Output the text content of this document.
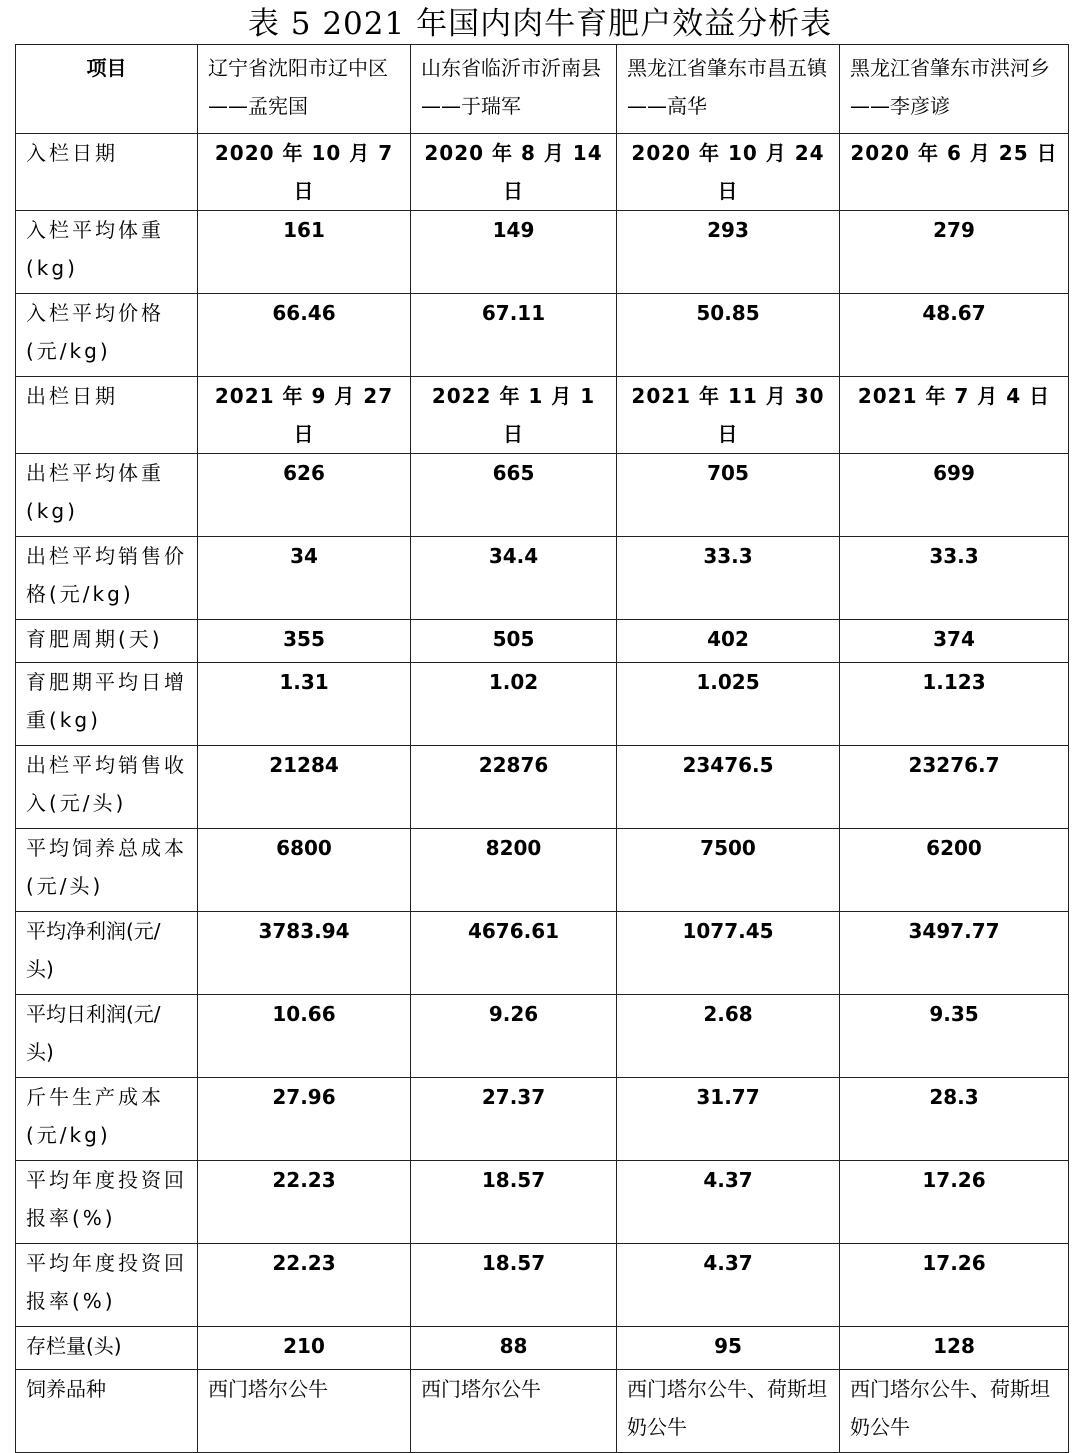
表 5 2021 年国内肉牛育肥户效益分析表
项目	辽宁省沈阳市辽中区——孟宪国	山东省临沂市沂南县——于瑞军	黑龙江省肇东市昌五镇——高华	黑龙江省肇东市洪河乡——李彦谚
入栏日期	2020 年 10 月 7 日	2020 年 8 月 14 日	2020 年 10 月 24 日	2020 年 6 月 25 日
入栏平均体重(kg)	161	149	293	279
入栏平均价格(元/kg)	66.46	67.11	50.85	48.67
出栏日期	2021 年 9 月 27 日	2022 年 1 月 1 日	2021 年 11 月 30 日	2021 年 7 月 4 日
出栏平均体重(kg)	626	665	705	699
出栏平均销售价格(元/kg)	34	34.4	33.3	33.3
育肥周期(天)	355	505	402	374
育肥期平均日增重(kg)	1.31	1.02	1.025	1.123
出栏平均销售收入(元/头)	21284	22876	23476.5	23276.7
平均饲养总成本(元/头)	6800	8200	7500	6200
平均净利润(元/头)	3783.94	4676.61	1077.45	3497.77
平均日利润(元/头)	10.66	9.26	2.68	9.35
斤牛生产成本(元/kg)	27.96	27.37	31.77	28.3
平均年度投资回报率(%)	22.23	18.57	4.37	17.26
平均年度投资回报率(%)	22.23	18.57	4.37	17.26
存栏量(头)	210	88	95	128
饲养品种	西门塔尔公牛	西门塔尔公牛	西门塔尔公牛、荷斯坦奶公牛	西门塔尔公牛、荷斯坦奶公牛
